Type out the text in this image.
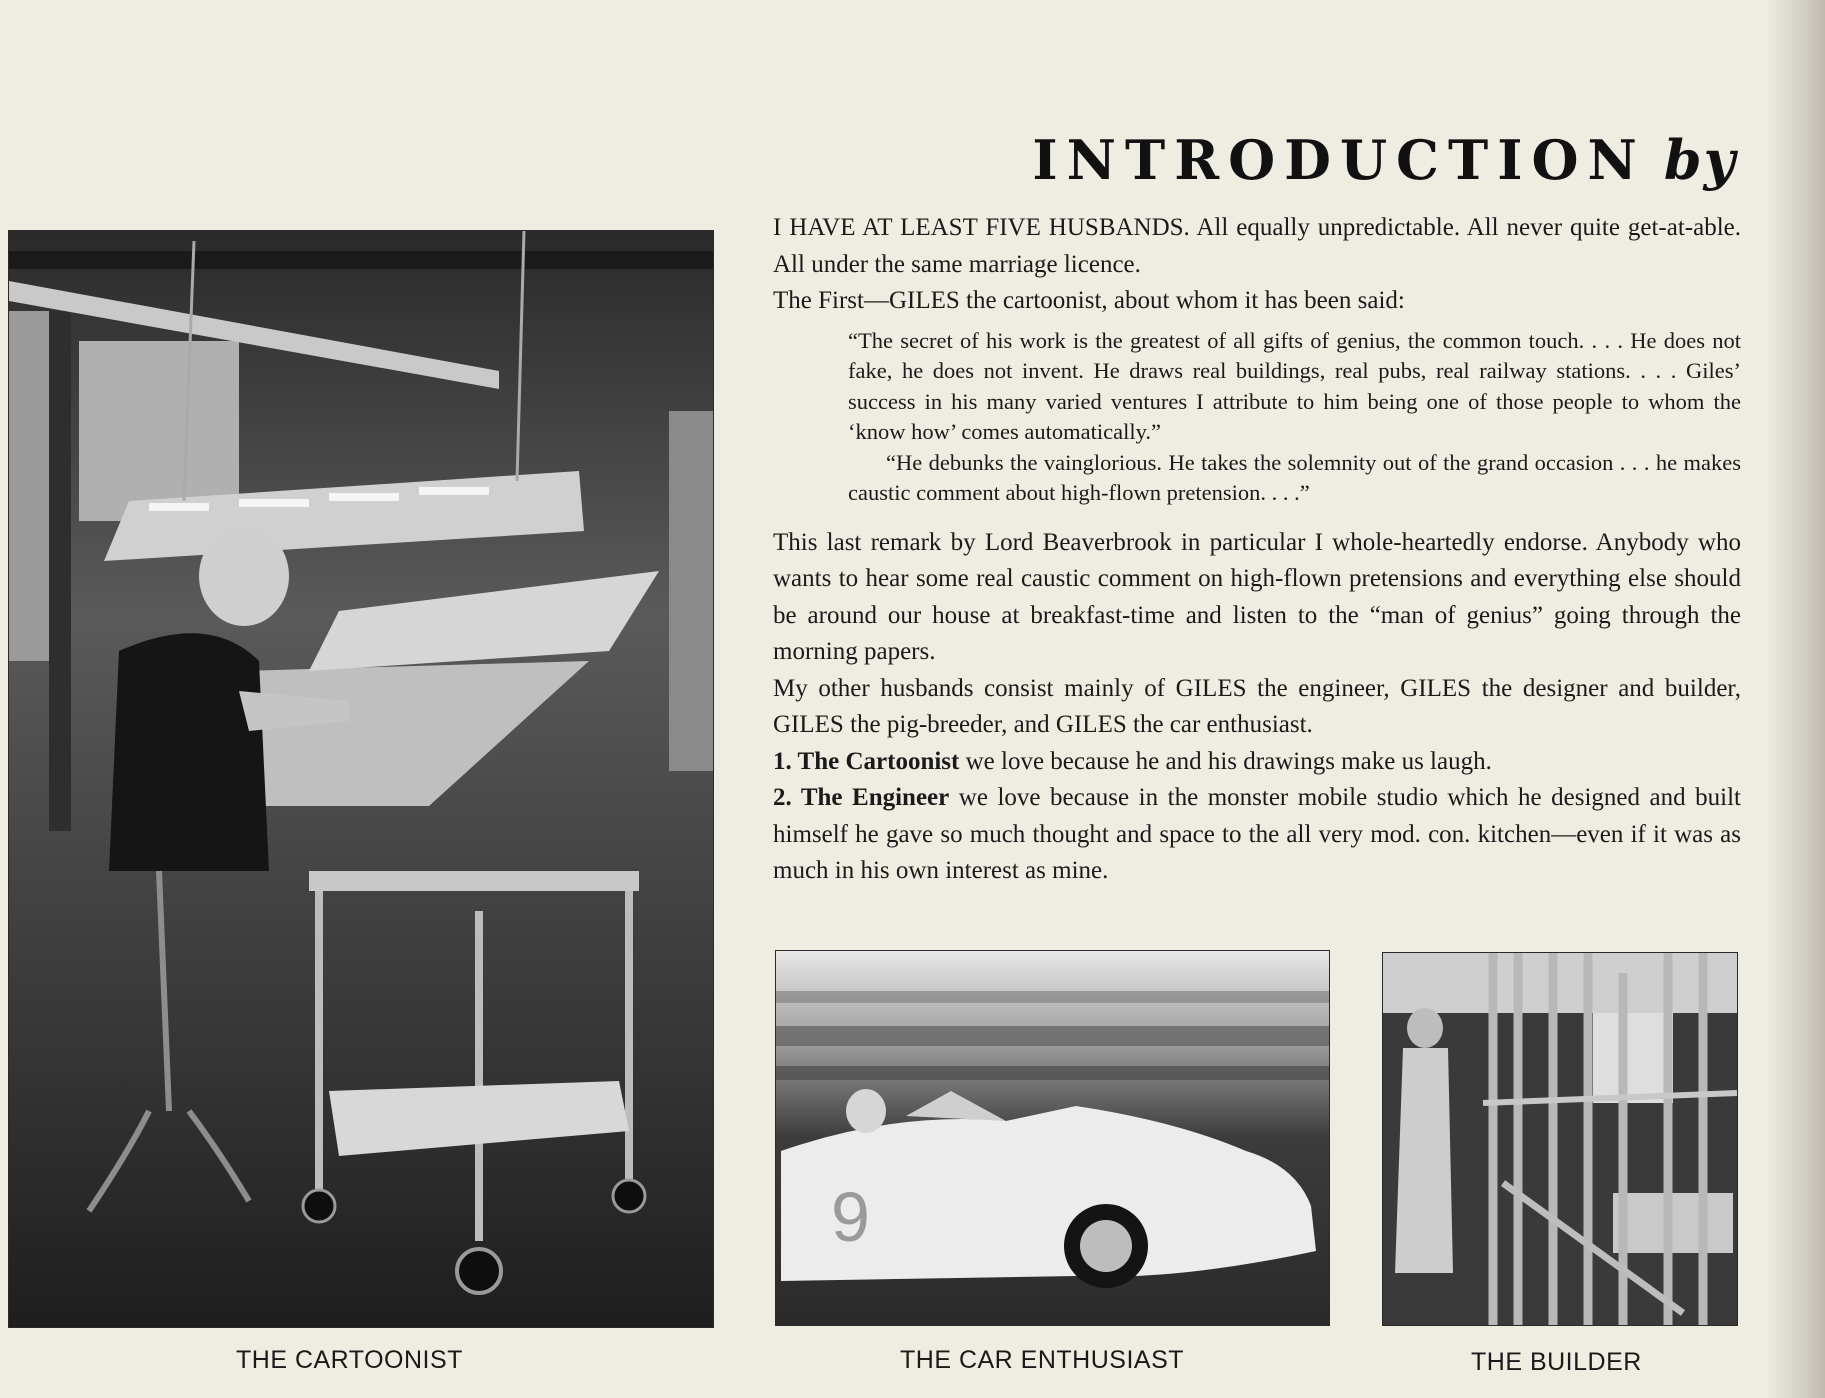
INTRODUCTION by

I HAVE AT LEAST FIVE HUSBANDS. All equally unpredictable. All never quite get-at-able. All under the same marriage licence.

The First—GILES the cartoonist, about whom it has been said:

“The secret of his work is the greatest of all gifts of genius, the common touch. . . . He does not fake, he does not invent. He draws real buildings, real pubs, real railway stations. . . . Giles’ success in his many varied ventures I attribute to him being one of those people to whom the ‘know how’ comes automatically.”

“He debunks the vainglorious. He takes the solemnity out of the grand occasion . . . he makes caustic comment about high-flown pretension. . . .”

This last remark by Lord Beaverbrook in particular I whole-heartedly endorse. Anybody who wants to hear some real caustic comment on high-flown pretensions and everything else should be around our house at breakfast-time and listen to the “man of genius” going through the morning papers.

My other husbands consist mainly of GILES the engineer, GILES the designer and builder, GILES the pig-breeder, and GILES the car enthusiast.

1. The Cartoonist we love because he and his drawings make us laugh.

2. The Engineer we love because in the monster mobile studio which he designed and built himself he gave so much thought and space to the all very mod. con. kitchen—even if it was as much in his own interest as mine.

THE CARTOONIST
9
THE CAR ENTHUSIAST	THE BUILDER
